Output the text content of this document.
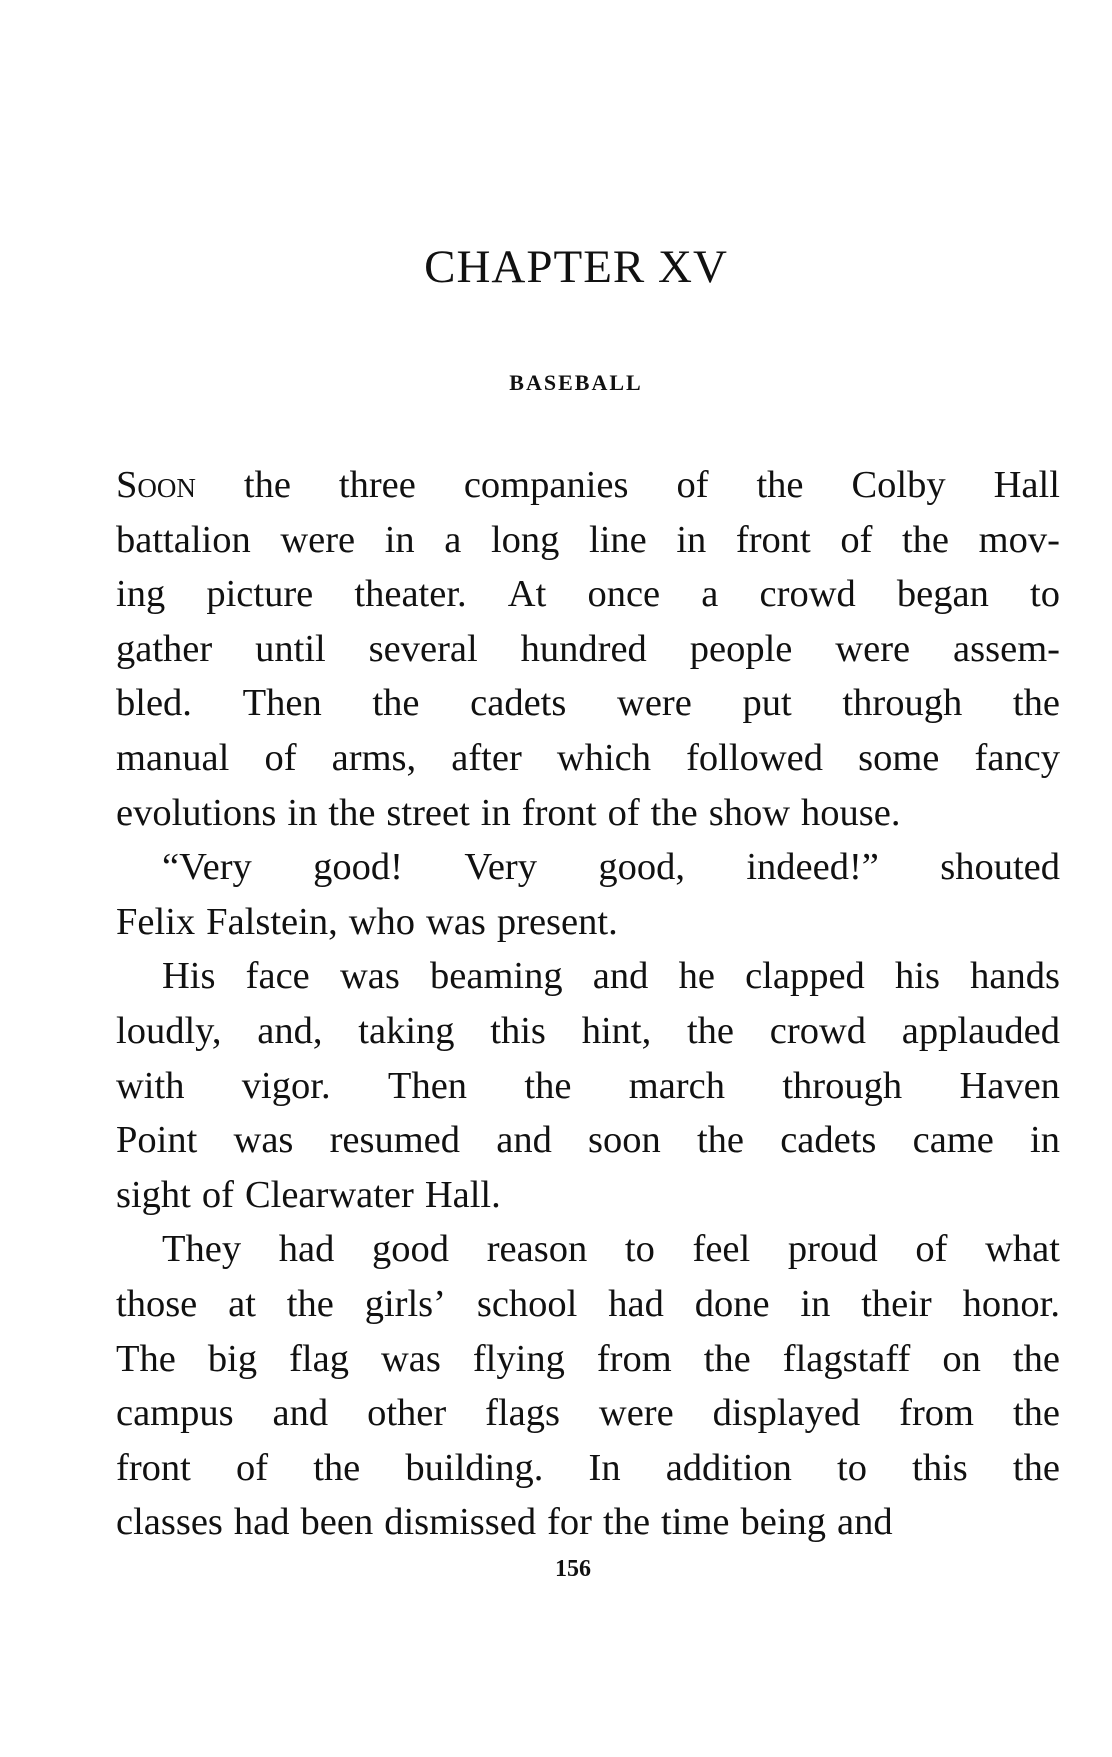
CHAPTER XV
BASEBALL
Soon the three companies of the Colby Hall
battalion were in a long line in front of the mov-
ing picture theater. At once a crowd began to
gather until several hundred people were assem-
bled. Then the cadets were put through the
manual of arms, after which followed some fancy
evolutions in the street in front of the show house.
“Very good! Very good, indeed!” shouted
Felix Falstein, who was present.
His face was beaming and he clapped his hands
loudly, and, taking this hint, the crowd applauded
with vigor. Then the march through Haven
Point was resumed and soon the cadets came in
sight of Clearwater Hall.
They had good reason to feel proud of what
those at the girls’ school had done in their honor.
The big flag was flying from the flagstaff on the
campus and other flags were displayed from the
front of the building. In addition to this the
classes had been dismissed for the time being and
156
